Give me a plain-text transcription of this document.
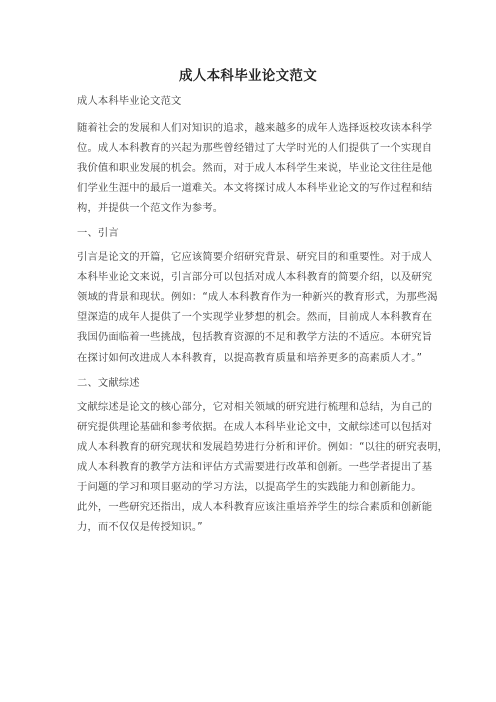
成人本科毕业论文范文
成人本科毕业论文范文
随着社会的发展和人们对知识的追求，越来越多的成年人选择返校攻读本科学
位。成人本科教育的兴起为那些曾经错过了大学时光的人们提供了一个实现自
我价值和职业发展的机会。然而，对于成人本科学生来说，毕业论文往往是他
们学业生涯中的最后一道难关。本文将探讨成人本科毕业论文的写作过程和结
构，并提供一个范文作为参考。
一、引言
引言是论文的开篇，它应该简要介绍研究背景、研究目的和重要性。对于成人
本科毕业论文来说，引言部分可以包括对成人本科教育的简要介绍，以及研究
领域的背景和现状。例如：“成人本科教育作为一种新兴的教育形式，为那些渴
望深造的成年人提供了一个实现学业梦想的机会。然而，目前成人本科教育在
我国仍面临着一些挑战，包括教育资源的不足和教学方法的不适应。本研究旨
在探讨如何改进成人本科教育，以提高教育质量和培养更多的高素质人才。”
二、文献综述
文献综述是论文的核心部分，它对相关领域的研究进行梳理和总结，为自己的
研究提供理论基础和参考依据。在成人本科毕业论文中，文献综述可以包括对
成人本科教育的研究现状和发展趋势进行分析和评价。例如：“以往的研究表明，
成人本科教育的教学方法和评估方式需要进行改革和创新。一些学者提出了基
于问题的学习和项目驱动的学习方法，以提高学生的实践能力和创新能力。
此外，一些研究还指出，成人本科教育应该注重培养学生的综合素质和创新能
力，而不仅仅是传授知识。”
